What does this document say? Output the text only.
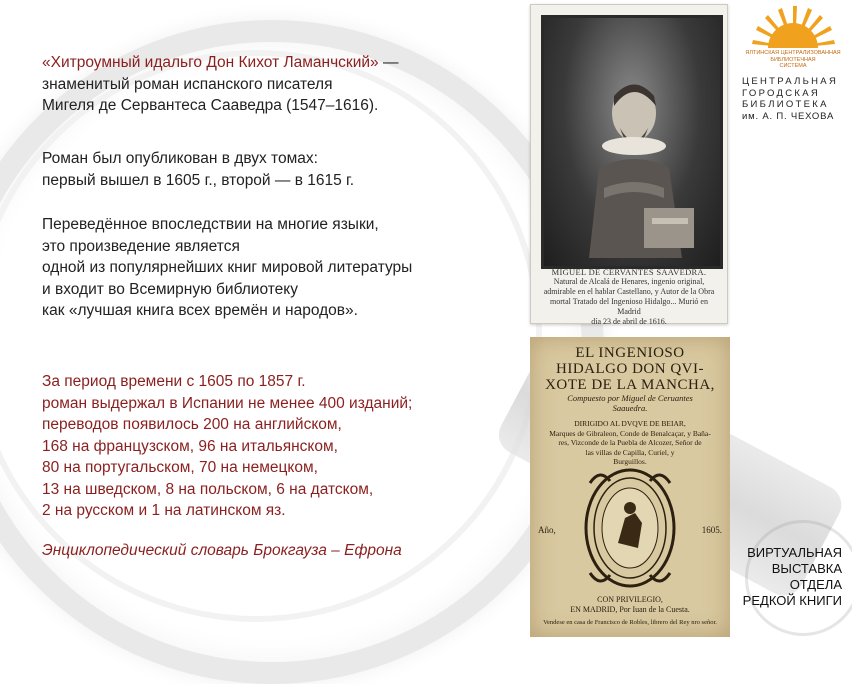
«Хитроумный идальго Дон Кихот Ламанчский» —
знаменитый роман испанского писателя
Мигеля де Сервантеса Сааведра (1547–1616).
Роман был опубликован в двух томах:
первый вышел в 1605 г., второй — в 1615 г.
Переведённое впоследствии на многие языки,
это произведение является
одной из популярнейших книг мировой литературы
и входит во Всемирную библиотеку
как «лучшая книга всех времён и народов».
За период времени с 1605 по 1857 г.
роман выдержал в Испании не менее 400 изданий;
переводов появилось 200 на английском,
168 на французском, 96 на итальянском,
80 на португальском, 70 на немецком,
13 на шведском, 8 на польском, 6 на датском,
2 на русском и 1 на латинском яз.
Энциклопедический словарь Брокгауза – Ефрона
MIGUEL DE CERVANTES SAAVEDRA.
Natural de Alcalá de Henares, ingenio original,
admirable en el hablar Castellano, y Autor de la Obra
mortal Tratado del Ingenioso Hidalgo... Murió en Madrid
día 23 de abril de 1616.
EL INGENIOSO
HIDALGO DON QVI-
XOTE DE LA MANCHA,
Compuesto por Miguel de Ceruantes
Saauedra.
DIRIGIDO AL DVQVE DE BEIAR,
Marques de Gibraleon, Conde de Benalcaçar, y Baña-
res, Vizconde de la Puebla de Alcozer, Señor de
las villas de Capilla, Curiel, y
Burguillos.
Año,	1605.
CON PRIVILEGIO,
EN MADRID, Por Iuan de la Cuesta.
Vendese en casa de Francisco de Robles, librero del Rey nro señor.
ЯЛТИНСКАЯ ЦЕНТРАЛИЗОВАННАЯ
БИБЛИОТЕЧНАЯ
СИСТЕМА
ЦЕНТРАЛЬНАЯ
ГОРОДСКАЯ
БИБЛИОТЕКА
им. А. П. ЧЕХОВА
ВИРТУАЛЬНАЯ
ВЫСТАВКА
ОТДЕЛА
РЕДКОЙ КНИГИ
